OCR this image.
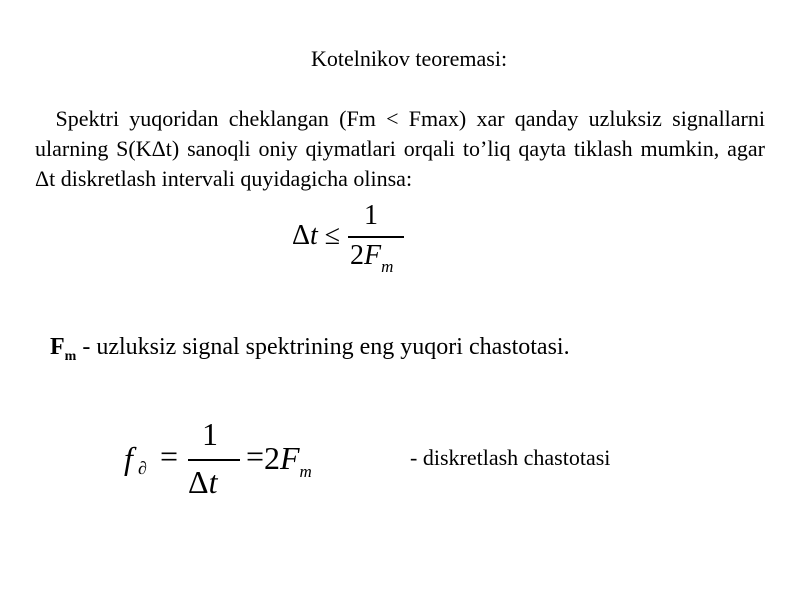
Kotelnikov teoremasi:
Spektri yuqoridan cheklangan (Fm < Fmax) xar qanday uzluksiz signallarni ularning S(KΔt) sanoqli oniy qiymatlari orqali to’liq qayta tiklash mumkin, agar  Δt diskretlash intervali quyidagicha olinsa:
Δt ≤
1
$2F_m$
$F_m$ - uzluksiz signal spektrining eng yuqori chastotasi.
f ∂ =
1
Δt
= $2F_m$
- diskretlash chastotasi
